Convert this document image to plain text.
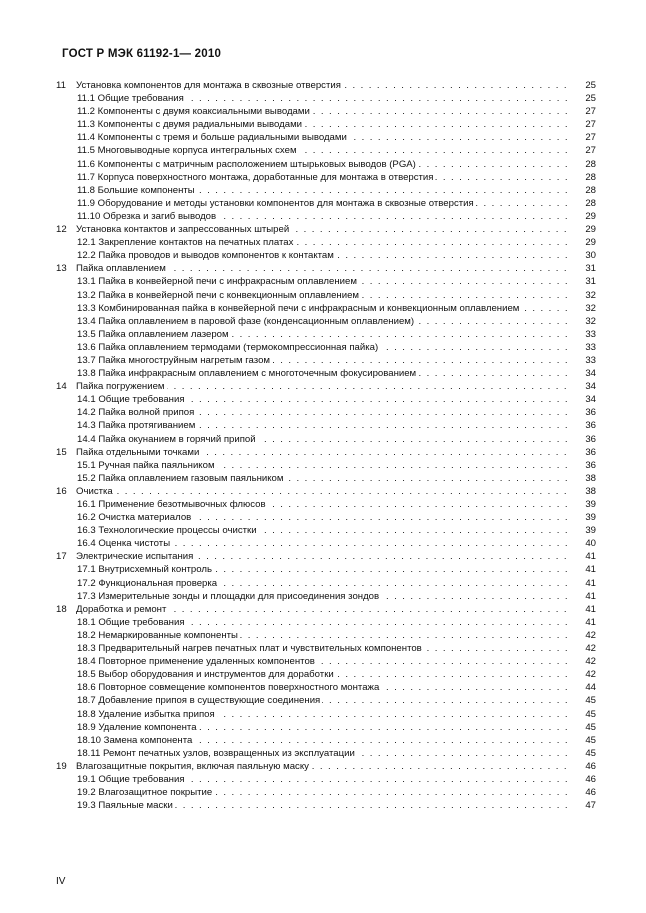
ГОСТ Р МЭК 61192-1— 2010
11 Установка компонентов для монтажа в сквозные отверстия . . .	25
11.1 Общие требования . . .	25
11.2 Компоненты с двумя коаксиальными выводами . . .	27
11.3 Компоненты с двумя радиальными выводами . . .	27
11.4 Компоненты с тремя и больше радиальными выводами . . .	27
11.5 Многовыводные корпуса интегральных схем . . .	27
11.6 Компоненты с матричным расположением штырьковых выводов (PGA) . . .	28
11.7 Корпуса поверхностного монтажа, доработанные для монтажа в отверстия . . .	28
11.8 Большие компоненты . . .	28
11.9 Оборудование и методы установки компонентов для монтажа в сквозные отверстия . . .	28
11.10 Обрезка и загиб выводов . . .	29
12 Установка контактов и запрессованных штырей . . .	29
12.1 Закрепление контактов на печатных платах . . .	29
12.2 Пайка проводов и выводов компонентов к контактам . . .	30
13 Пайка оплавлением . . .	31
13.1 Пайка в конвейерной печи с инфракрасным оплавлением . . .	31
13.2 Пайка в конвейерной печи с конвекционным оплавлением . . .	32
13.3 Комбинированная пайка в конвейерной печи с инфракрасным и конвекционным оплавлением . . .	32
13.4 Пайка оплавлением в паровой фазе (конденсационным оплавлением) . . .	32
13.5 Пайка оплавлением лазером . . .	33
13.6 Пайка оплавлением термодами (термокомпрессионная пайка) . . .	33
13.7 Пайка многоструйным нагретым газом . . .	33
13.8 Пайка инфракрасным оплавлением с многоточечным фокусированием . . .	34
14 Пайка погружением . . .	34
14.1 Общие требования . . .	34
14.2 Пайка волной припоя . . .	36
14.3 Пайка протягиванием . . .	36
14.4 Пайка окунанием в горячий припой . . .	36
15 Пайка отдельными точками . . .	36
15.1 Ручная пайка паяльником . . .	36
15.2 Пайка оплавлением газовым паяльником . . .	38
16 Очистка . . .	38
16.1 Применение безотмывочных флюсов . . .	39
16.2 Очистка материалов . . .	39
16.3 Технологические процессы очистки . . .	39
16.4 Оценка чистоты . . .	40
17 Электрические испытания . . .	41
17.1 Внутрисхемный контроль . . .	41
17.2 Функциональная проверка . . .	41
17.3 Измерительные зонды и площадки для присоединения зондов . . .	41
18 Доработка и ремонт . . .	41
18.1 Общие требования . . .	41
18.2 Немаркированные компоненты . . .	42
18.3 Предварительный нагрев печатных плат и чувствительных компонентов . . .	42
18.4 Повторное применение удаленных компонентов . . .	42
18.5 Выбор оборудования и инструментов для доработки . . .	42
18.6 Повторное совмещение компонентов поверхностного монтажа . . .	44
18.7 Добавление припоя в существующие соединения . . .	45
18.8 Удаление избытка припоя . . .	45
18.9 Удаление компонента . . .	45
18.10 Замена компонента . . .	45
18.11 Ремонт печатных узлов, возвращенных из эксплуатации . . .	45
19 Влагозащитные покрытия, включая паяльную маску . . .	46
19.1 Общие требования . . .	46
19.2 Влагозащитное покрытие . . .	46
19.3 Паяльные маски . . .	47
IV
